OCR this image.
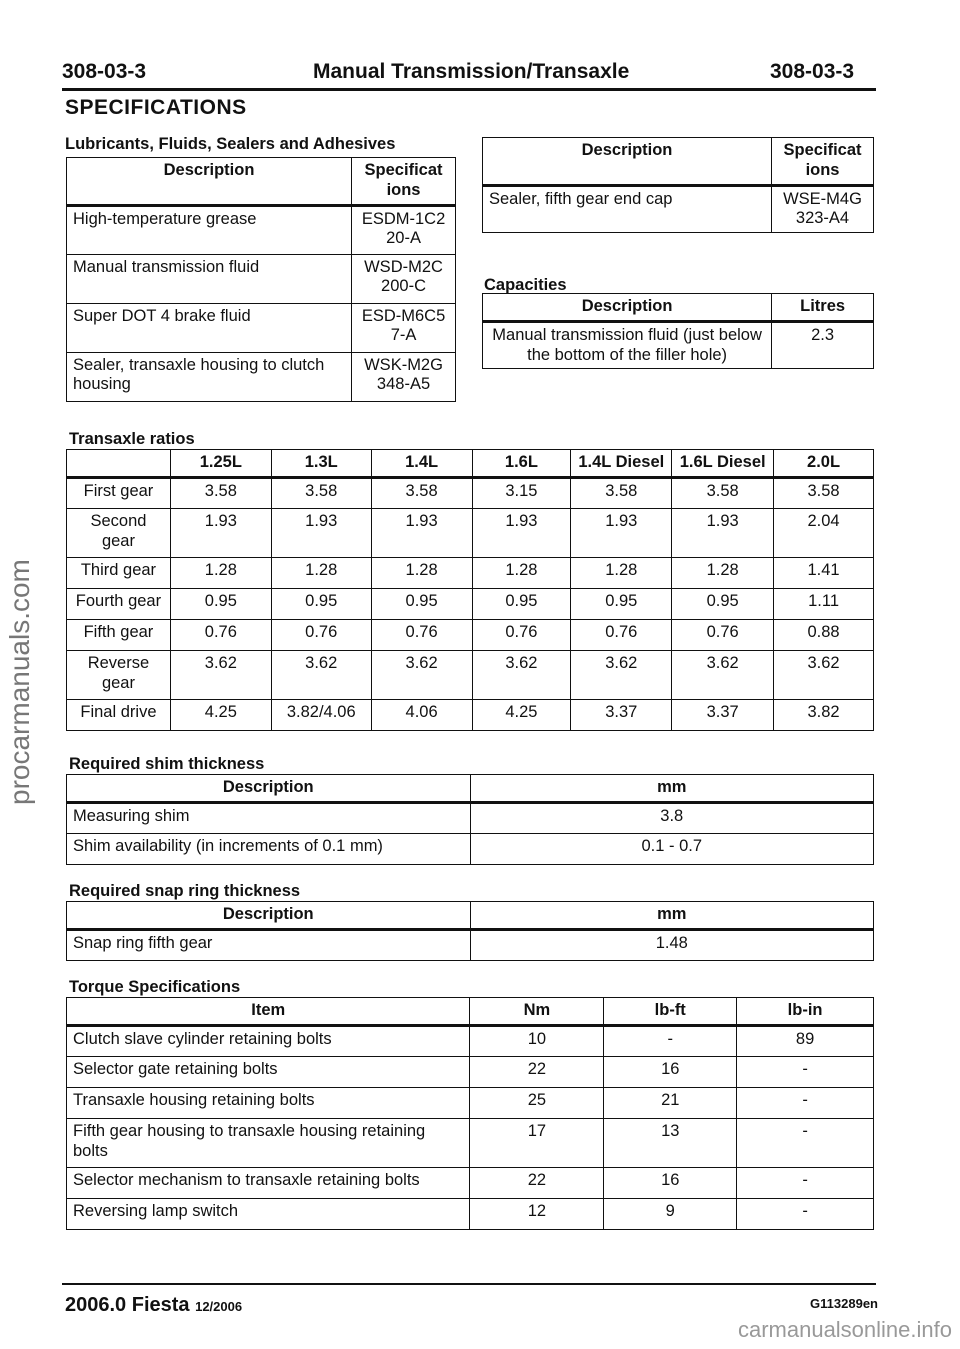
308-03-3	Manual Transmission/Transaxle	308-03-3
SPECIFICATIONS
Lubricants, Fluids, Sealers and Adhesives
Description	Specificat ions
High-temperature grease	ESDM-1C2 20-A
Manual transmission fluid	WSD-M2C 200-C
Super DOT 4 brake fluid	ESD-M6C5 7-A
Sealer, transaxle housing to clutch housing	WSK-M2G 348-A5
Description	Specificat ions
Sealer, fifth gear end cap	WSE-M4G 323-A4
Capacities
Description	Litres
Manual transmission fluid (just below the bottom of the filler hole)	2.3
Transaxle ratios
	1.25L	1.3L	1.4L	1.6L	1.4L Diesel	1.6L Diesel	2.0L
First gear	3.58	3.58	3.58	3.15	3.58	3.58	3.58
Second gear	1.93	1.93	1.93	1.93	1.93	1.93	2.04
Third gear	1.28	1.28	1.28	1.28	1.28	1.28	1.41
Fourth gear	0.95	0.95	0.95	0.95	0.95	0.95	1.11
Fifth gear	0.76	0.76	0.76	0.76	0.76	0.76	0.88
Reverse gear	3.62	3.62	3.62	3.62	3.62	3.62	3.62
Final drive	4.25	3.82/4.06	4.06	4.25	3.37	3.37	3.82
Required shim thickness
Description	mm
Measuring shim	3.8
Shim availability (in increments of 0.1 mm)	0.1 - 0.7
Required snap ring thickness
Description	mm
Snap ring fifth gear	1.48
Torque Specifications
Item	Nm	lb-ft	lb-in
Clutch slave cylinder retaining bolts	10	-	89
Selector gate retaining bolts	22	16	-
Transaxle housing retaining bolts	25	21	-
Fifth gear housing to transaxle housing retaining bolts	17	13	-
Selector mechanism to transaxle retaining bolts	22	16	-
Reversing lamp switch	12	9	-
2006.0 Fiesta 12/2006	G113289en
procarmanuals.com
carmanualsonline.info
